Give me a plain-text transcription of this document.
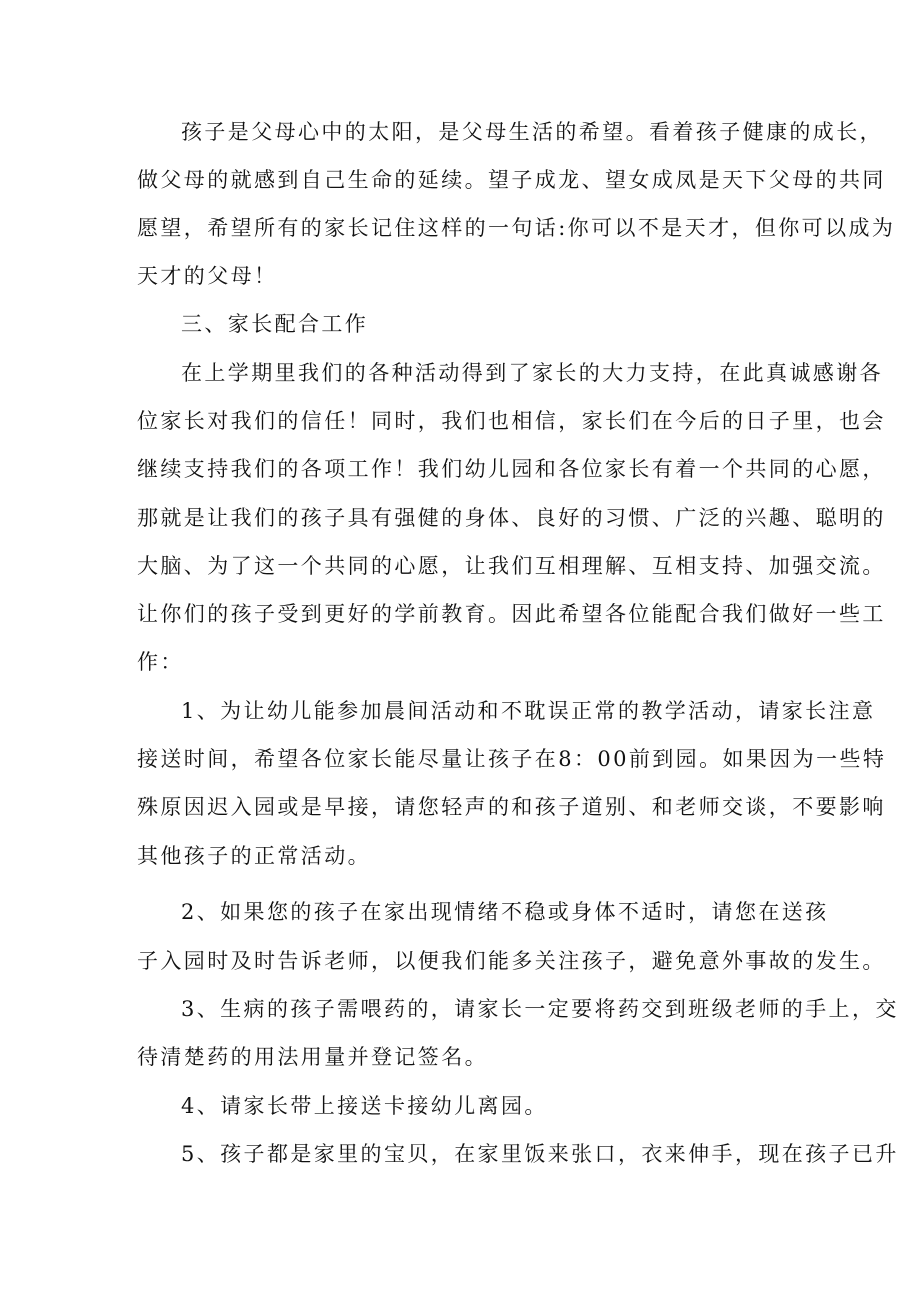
孩子是父母心中的太阳，是父母生活的希望。看着孩子健康的成长，
做父母的就感到自己生命的延续。望子成龙、望女成凤是天下父母的共同
愿望，希望所有的家长记住这样的一句话:你可以不是天才，但你可以成为
天才的父母！
三、家长配合工作
在上学期里我们的各种活动得到了家长的大力支持，在此真诚感谢各
位家长对我们的信任！同时，我们也相信，家长们在今后的日子里，也会
继续支持我们的各项工作！我们幼儿园和各位家长有着一个共同的心愿，
那就是让我们的孩子具有强健的身体、良好的习惯、广泛的兴趣、聪明的
大脑、为了这一个共同的心愿，让我们互相理解、互相支持、加强交流。
让你们的孩子受到更好的学前教育。因此希望各位能配合我们做好一些工
作：
1、为让幼儿能参加晨间活动和不耽误正常的教学活动，请家长注意
接送时间，希望各位家长能尽量让孩子在8：00前到园。如果因为一些特
殊原因迟入园或是早接，请您轻声的和孩子道别、和老师交谈，不要影响
其他孩子的正常活动。
2、如果您的孩子在家出现情绪不稳或身体不适时，请您在送孩
子入园时及时告诉老师，以便我们能多关注孩子，避免意外事故的发生。
3、生病的孩子需喂药的，请家长一定要将药交到班级老师的手上，交
待清楚药的用法用量并登记签名。
4、请家长带上接送卡接幼儿离园。
5、孩子都是家里的宝贝，在家里饭来张口，衣来伸手，现在孩子已升
